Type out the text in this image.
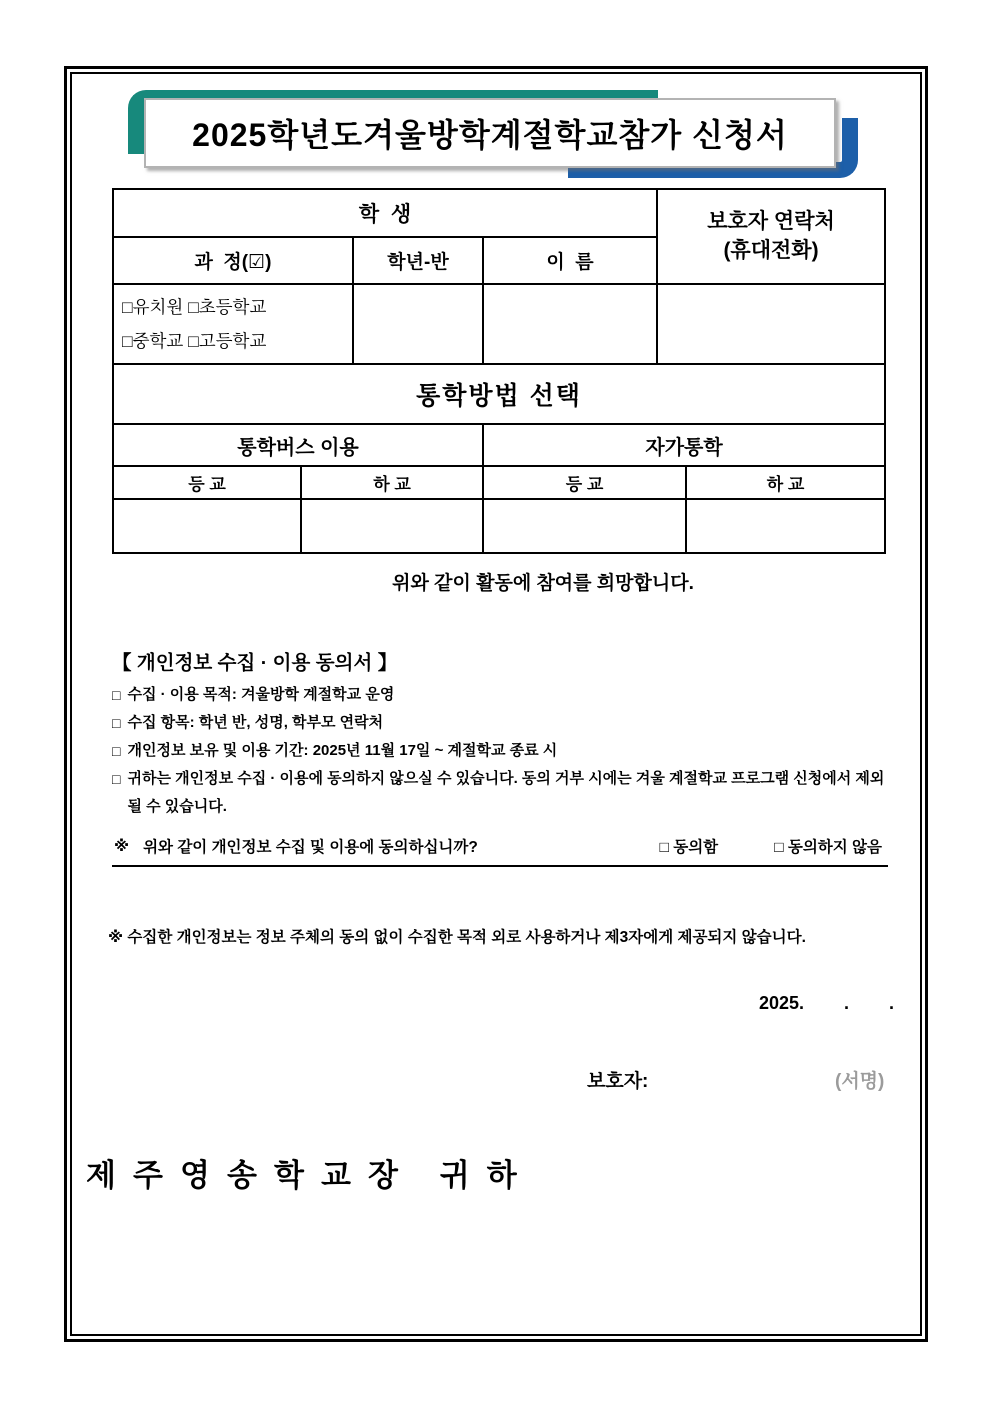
2025학년도 겨울방학 계절학교 참가 신청서
학  생			보호자 연락처
(휴대전화)

과  정(☑)	학년-반	이  름	

□유치원 □초등학교
□중학교 □고등학교			

통학방법 선택			
통학버스 이용		자가통학	
등 교	하 교	등 교	하 교

위와 같이 활동에 참여를 희망합니다.
【 개인정보 수집 · 이용 동의서 】
□ 수집 · 이용 목적: 겨울방학 계절학교 운영
□ 수집 항목: 학년 반, 성명, 학부모 연락처
□ 개인정보 보유 및 이용 기간: 2025년 11월 17일 ~ 계절학교 종료 시
□ 귀하는 개인정보 수집 · 이용에 동의하지 않으실 수 있습니다. 동의 거부 시에는 겨울 계절학교 프로그램 신청에서 제외될 수 있습니다.
※ 위와 같이 개인정보 수집 및 이용에 동의하십니까?	□ 동의함	□ 동의하지 않음
※ 수집한 개인정보는 정보 주체의 동의 없이 수집한 목적 외로 사용하거나 제3자에게 제공되지 않습니다.
2025.        .        .
보호자:	(서명)
제주영송학교장 귀하
